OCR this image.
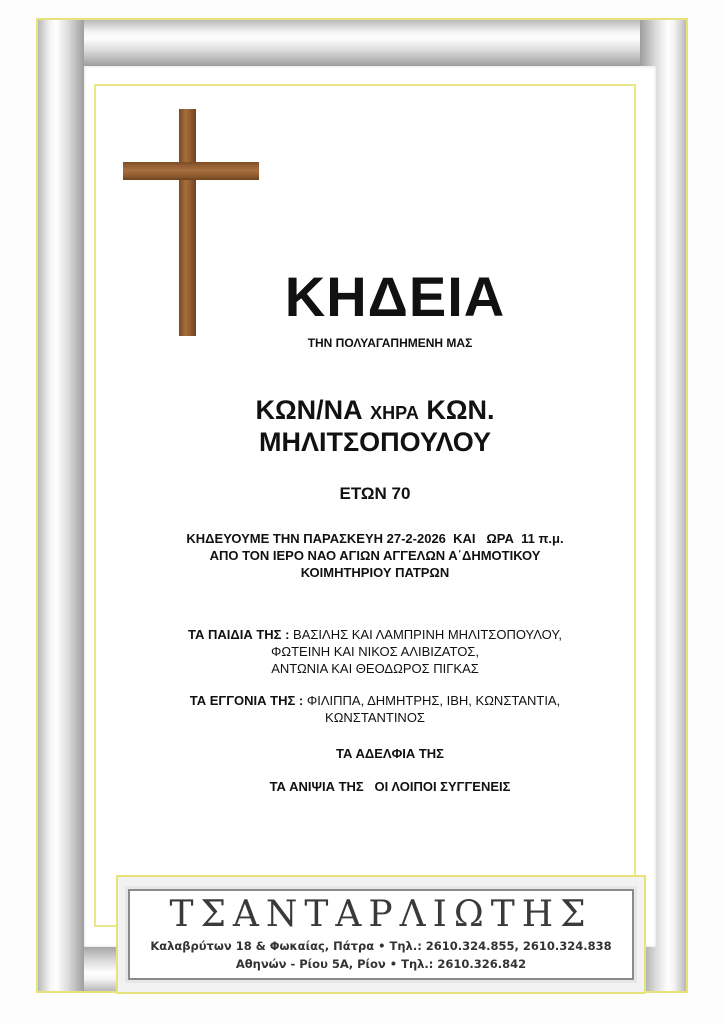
ΚΗΔΕΙΑ
ΤΗΝ ΠΟΛΥΑΓΑΠΗΜΕΝΗ ΜΑΣ
ΚΩΝ/ΝΑ ΧΗΡΑ ΚΩΝ.
ΜΗΛΙΤΣΟΠΟΥΛΟΥ
ΕΤΩΝ 70
ΚΗΔΕΥΟΥΜΕ ΤΗΝ ΠΑΡΑΣΚΕΥΗ 27-2-2026  ΚΑΙ   ΩΡΑ  11 π.μ.
ΑΠΟ ΤΟΝ ΙΕΡΟ ΝΑΟ ΑΓΙΩΝ ΑΓΓΕΛΩΝ Α΄ΔΗΜΟΤΙΚΟΥ
ΚΟΙΜΗΤΗΡΙΟΥ ΠΑΤΡΩΝ
ΤΑ ΠΑΙΔΙΑ ΤΗΣ : ΒΑΣΙΛΗΣ ΚΑΙ ΛΑΜΠΡΙΝΗ ΜΗΛΙΤΣΟΠΟΥΛΟΥ,
ΦΩΤΕΙΝΗ ΚΑΙ ΝΙΚΟΣ ΑΛΙΒΙΖΑΤΟΣ,
ΑΝΤΩΝΙΑ ΚΑΙ ΘΕΟΔΩΡΟΣ ΠΙΓΚΑΣ
ΤΑ ΕΓΓΟΝΙΑ ΤΗΣ : ΦΙΛΙΠΠΑ, ΔΗΜΗΤΡΗΣ, ΙΒΗ, ΚΩΝΣΤΑΝΤΙΑ,
ΚΩΝΣΤΑΝΤΙΝΟΣ
ΤΑ ΑΔΕΛΦΙΑ ΤΗΣ
ΤΑ ΑΝΙΨΙΑ ΤΗΣ   ΟΙ ΛΟΙΠΟΙ ΣΥΓΓΕΝΕΙΣ
ΤΣΑΝΤΑΡΛΙΩΤΗΣ
Καλαβρύτων 18 & Φωκαίας, Πάτρα • Τηλ.: 2610.324.855, 2610.324.838
Αθηνών - Ρίου 5Α, Ρίον • Τηλ.: 2610.326.842
